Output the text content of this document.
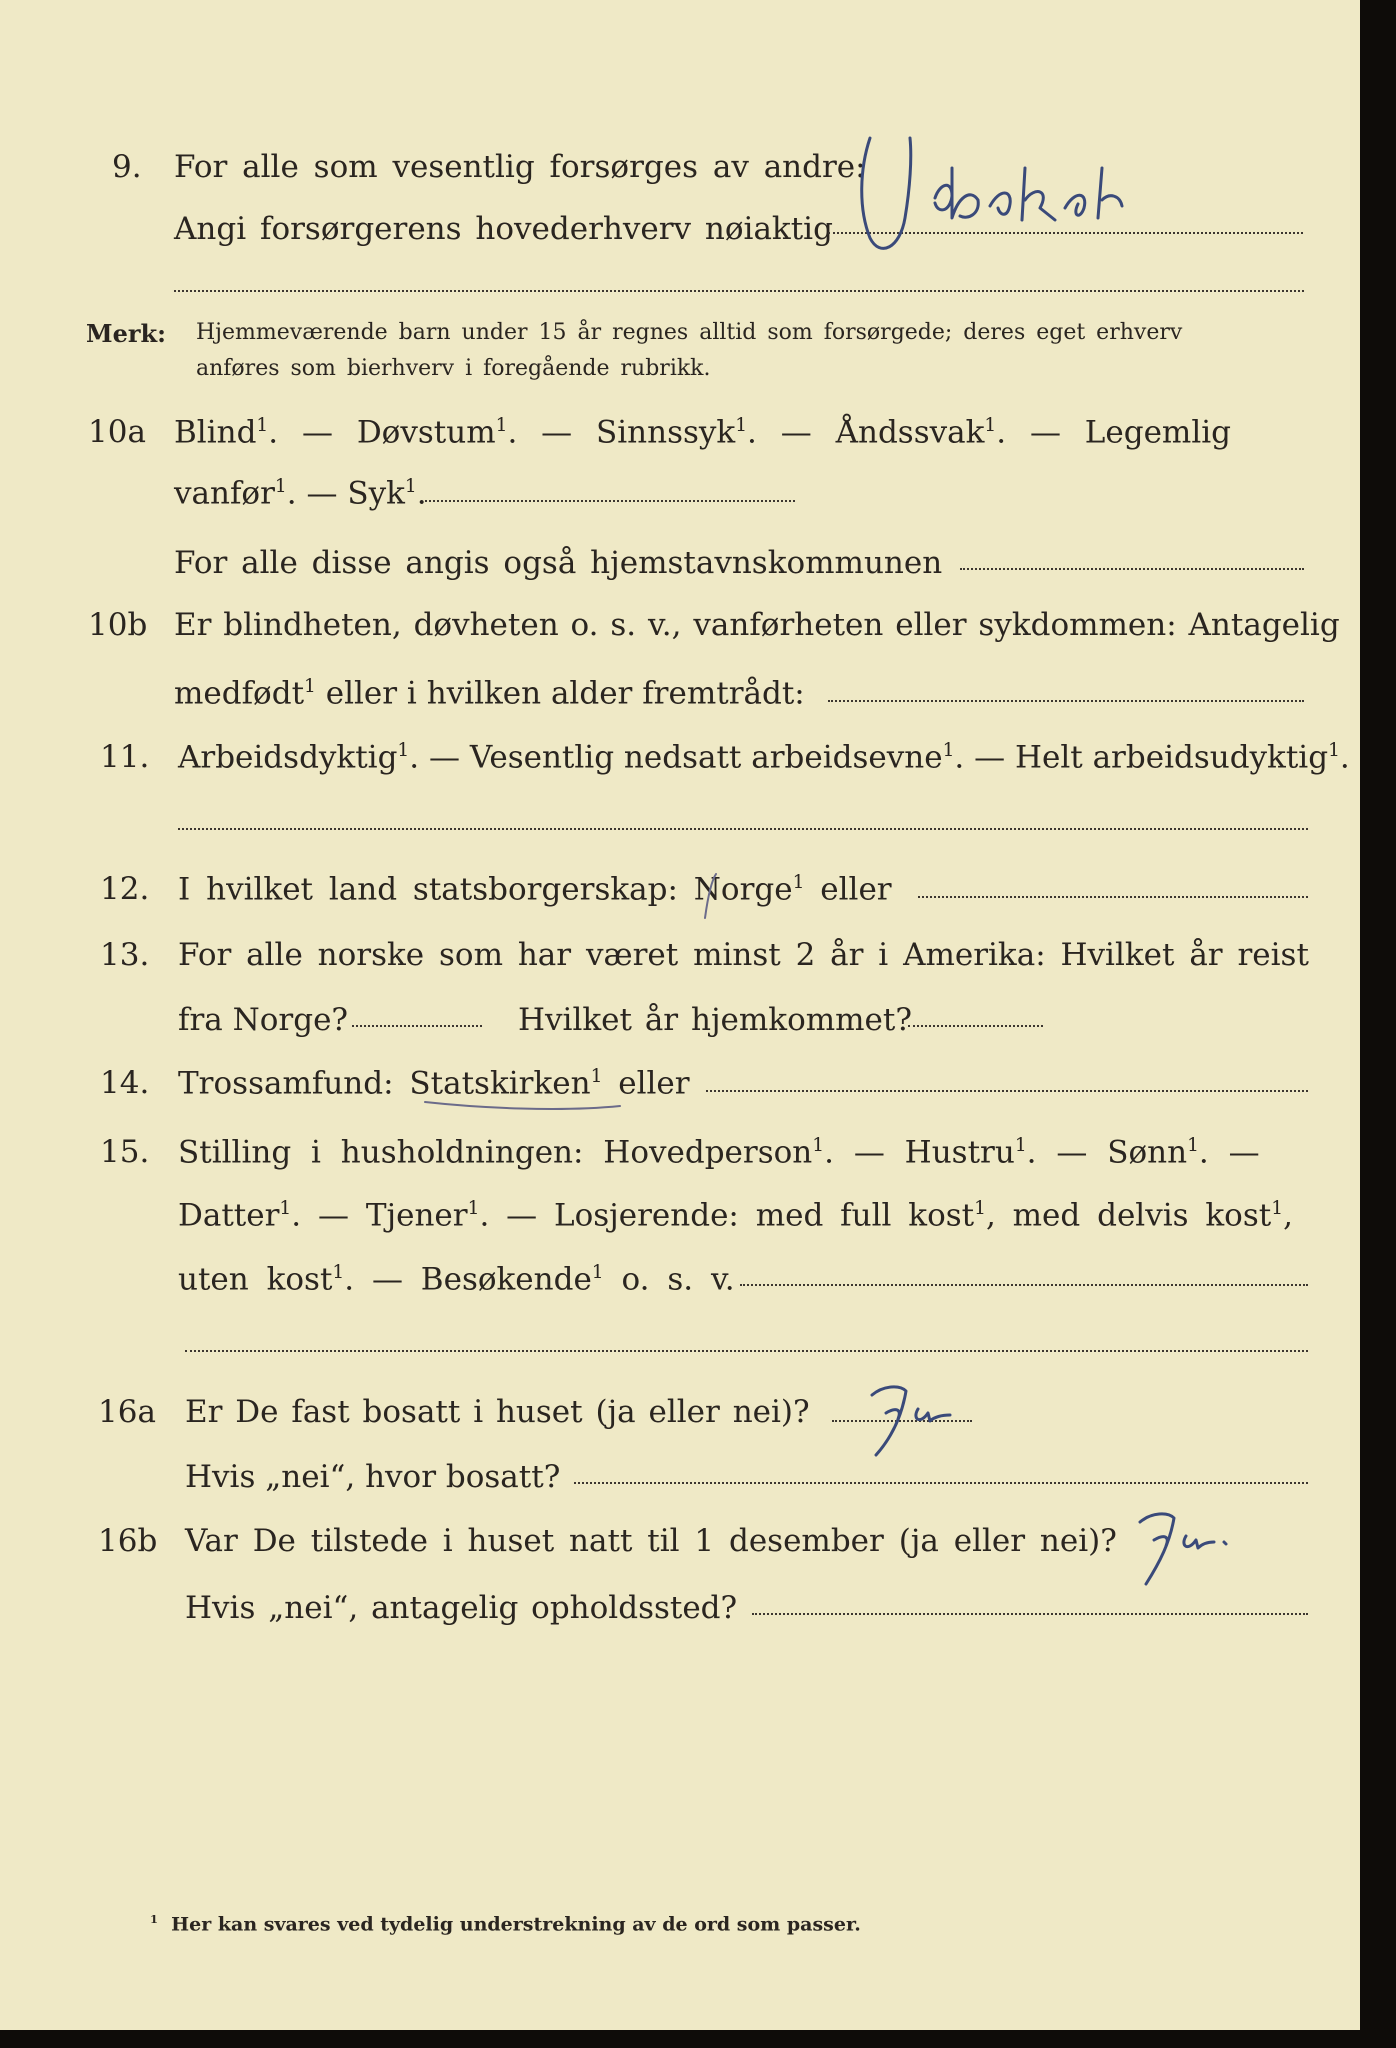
9. For alle som vesentlig forsørges av andre:
Angi forsørgerens hovederhverv nøiaktig
Merk: Hjemmeværende barn under 15 år regnes alltid som forsørgede; deres eget erhverv
anføres som bierhverv i foregående rubrikk.
10a Blind$^1$. — Døvstum$^1$. — Sinnssyk$^1$. — Åndssvak$^1$. — Legemlig
vanfør$^1$. — Syk$^1$.
For alle disse angis også hjemstavnskommunen
10b Er blindheten, døvheten o. s. v., vanførheten eller sykdommen: Antagelig
medfødt$^1$ eller i hvilken alder fremtrådt:
11. Arbeidsdyktig$^1$. — Vesentlig nedsatt arbeidsevne$^1$. — Helt arbeidsudyktig$^1$.
12. I hvilket land statsborgerskap: Norge$^1$ eller
13. For alle norske som har været minst 2 år i Amerika: Hvilket år reist
fra Norge?	Hvilket år hjemkommet?
14. Trossamfund: Statskirken$^1$ eller
15. Stilling i husholdningen: Hovedperson$^1$. — Hustru$^1$. — Sønn$^1$. —
Datter$^1$. — Tjener$^1$. — Losjerende: med full kost$^1$, med delvis kost$^1$,
uten kost$^1$. — Besøkende$^1$ o. s. v.
16a Er De fast bosatt i huset (ja eller nei)?
Hvis „nei“, hvor bosatt?
16b Var De tilstede i huset natt til 1 desember (ja eller nei)?
Hvis „nei“, antagelig opholdssted?
$^1$ Her kan svares ved tydelig understrekning av de ord som passer.
